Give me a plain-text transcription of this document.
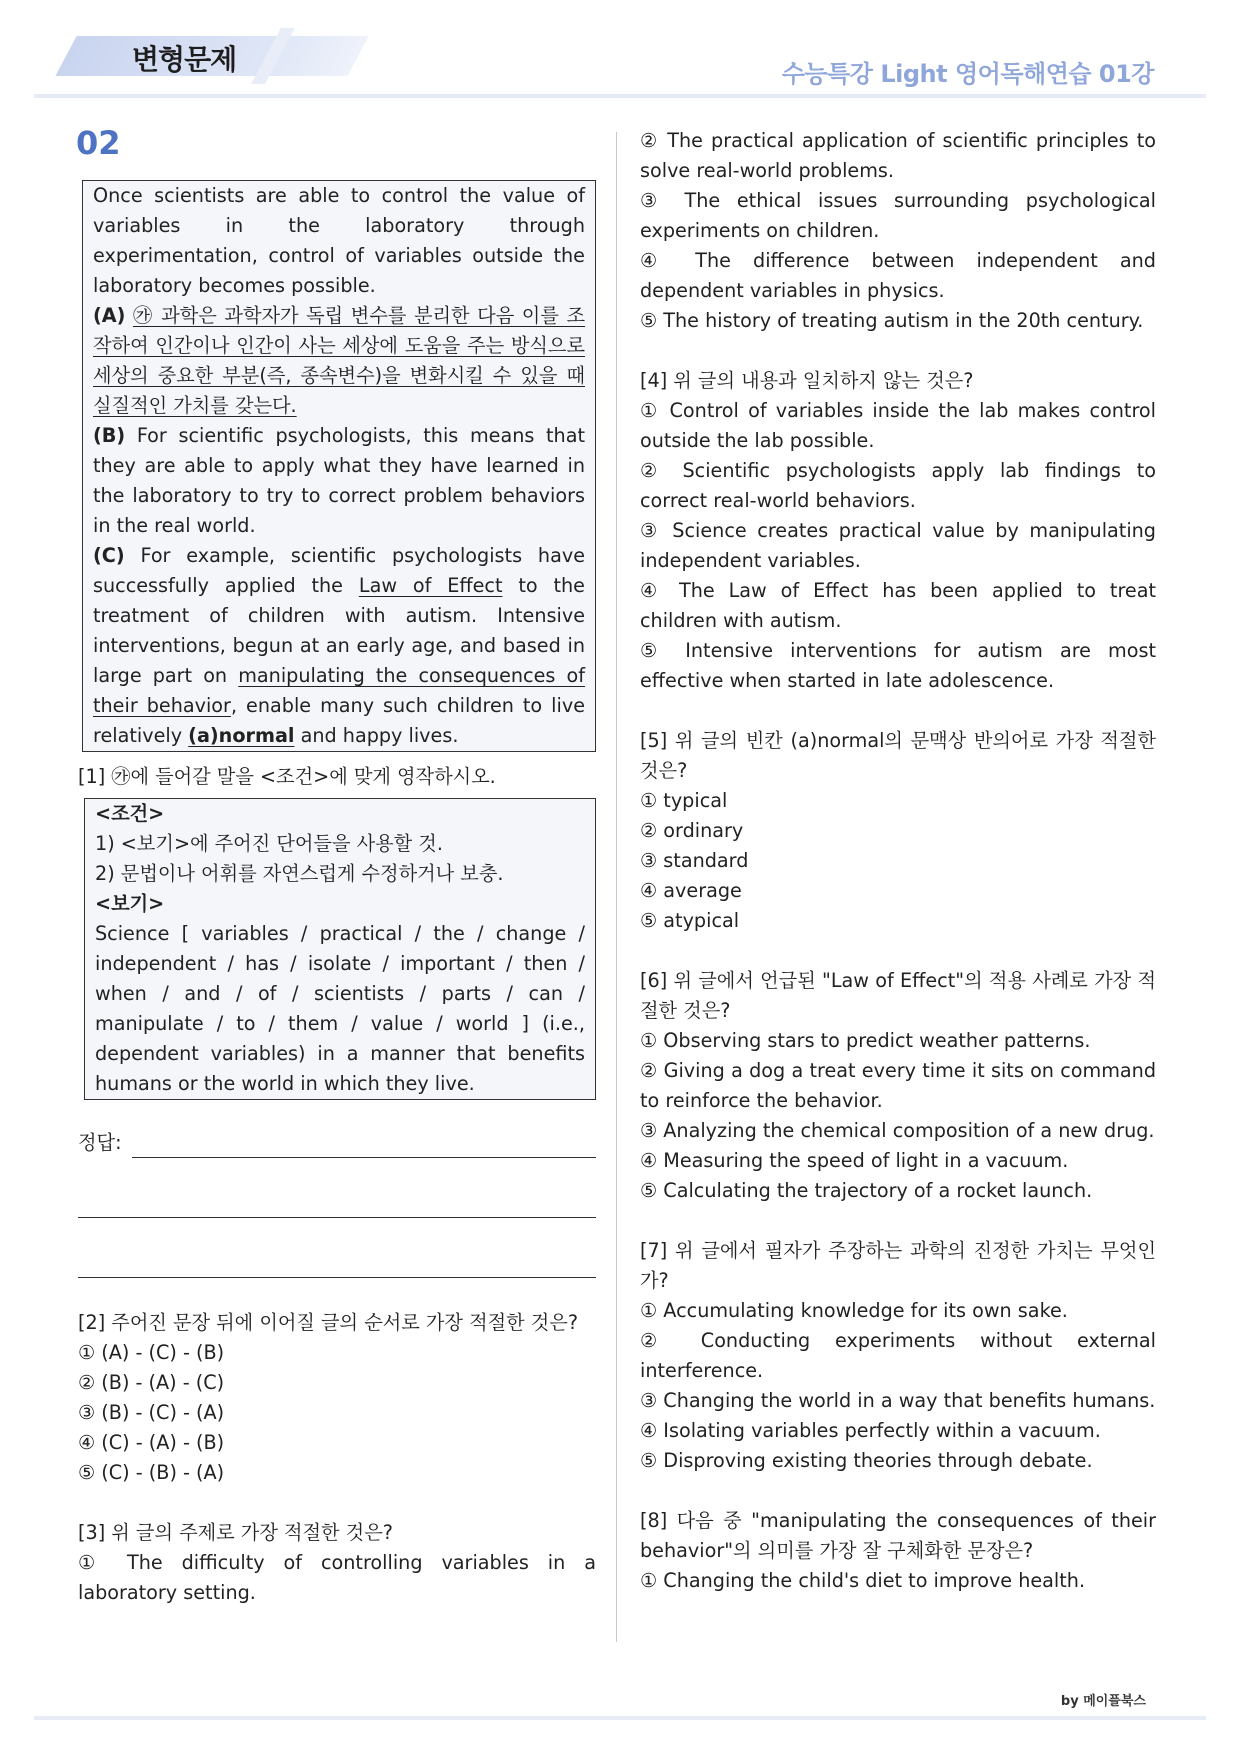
변형문제	수능특강 Light 영어독해연습 01강
02

Once scientists are able to control the value of variables in the laboratory through experimentation, control of variables outside the laboratory becomes possible.

(A) ㉮ 과학은 과학자가 독립 변수를 분리한 다음 이를 조작하여 인간이나 인간이 사는 세상에 도움을 주는 방식으로 세상의 중요한 부분(즉, 종속변수)을 변화시킬 수 있을 때 실질적인 가치를 갖는다.

(B) For scientific psychologists, this means that they are able to apply what they have learned in the laboratory to try to correct problem behaviors in the real world.

(C) For example, scientific psychologists have successfully applied the Law of Effect to the treatment of children with autism. Intensive interventions, begun at an early age, and based in large part on manipulating the consequences of their behavior, enable many such children to live relatively (a)normal and happy lives.

[1] ㉮에 들어갈 말을 <조건>에 맞게 영작하시오.
<조건>
1) <보기>에 주어진 단어들을 사용할 것.
2) 문법이나 어휘를 자연스럽게 수정하거나 보충.
<보기>
Science [ variables / practical / the / change / independent / has / isolate / important / then / when / and / of / scientists / parts / can / manipulate / to / them / value / world ] (i.e., dependent variables) in a manner that benefits humans or the world in which they live.
정답:
[2] 주어진 문장 뒤에 이어질 글의 순서로 가장 적절한 것은?
① (A) - (C) - (B)
② (B) - (A) - (C)
③ (B) - (C) - (A)
④ (C) - (A) - (B)
⑤ (C) - (B) - (A)
[3] 위 글의 주제로 가장 적절한 것은?
① The difficulty of controlling variables in a laboratory setting.
② The practical application of scientific principles to solve real-world problems.
③ The ethical issues surrounding psychological experiments on children.
④ The difference between independent and dependent variables in physics.
⑤ The history of treating autism in the 20th century.
[4] 위 글의 내용과 일치하지 않는 것은?
① Control of variables inside the lab makes control outside the lab possible.
② Scientific psychologists apply lab findings to correct real-world behaviors.
③ Science creates practical value by manipulating independent variables.
④ The Law of Effect has been applied to treat children with autism.
⑤ Intensive interventions for autism are most effective when started in late adolescence.
[5] 위 글의 빈칸 (a)normal의 문맥상 반의어로 가장 적절한 것은?
① typical
② ordinary
③ standard
④ average
⑤ atypical
[6] 위 글에서 언급된 "Law of Effect"의 적용 사례로 가장 적절한 것은?
① Observing stars to predict weather patterns.
② Giving a dog a treat every time it sits on command to reinforce the behavior.
③ Analyzing the chemical composition of a new drug.
④ Measuring the speed of light in a vacuum.
⑤ Calculating the trajectory of a rocket launch.
[7] 위 글에서 필자가 주장하는 과학의 진정한 가치는 무엇인가?
① Accumulating knowledge for its own sake.
② Conducting experiments without external interference.
③ Changing the world in a way that benefits humans.
④ Isolating variables perfectly within a vacuum.
⑤ Disproving existing theories through debate.
[8] 다음 중 "manipulating the consequences of their behavior"의 의미를 가장 잘 구체화한 문장은?
① Changing the child's diet to improve health.
by 메이플북스
